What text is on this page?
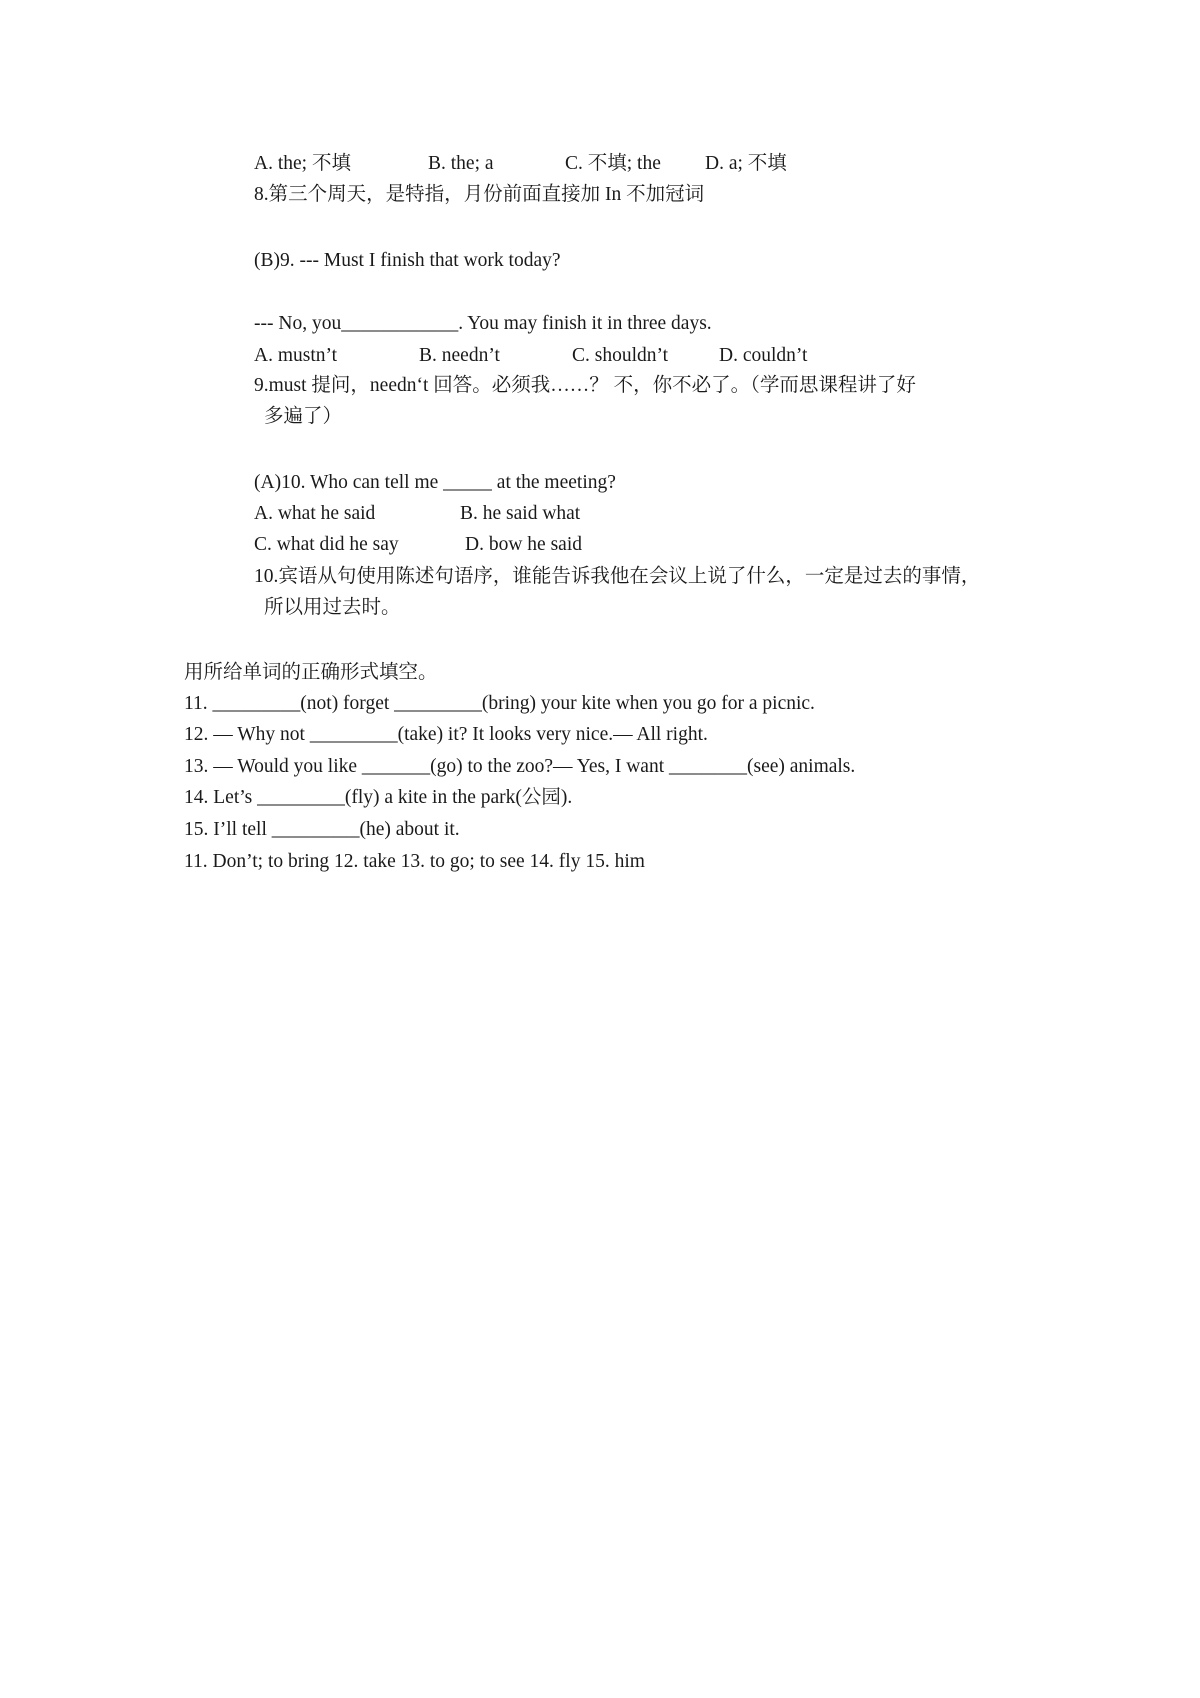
A. the; 不填	B. the; a	C. 不填; the D. a; 不填
8.第三个周天，是特指，月份前面直接加 In 不加冠词
(B)9. --- Must I finish that work today?
--- No, you____________. You may finish it in three days.
A. mustn’t	B. needn’t	C. shouldn’t	D. couldn’t
9.must 提问，needn‘t 回答。必须我……？ 不，你不必了。（学而思课程讲了好
多遍了）
(A)10. Who can tell me _____ at the meeting?
A. what he said	B. he said what
C. what did he say	D. bow he said
10.宾语从句使用陈述句语序，谁能告诉我他在会议上说了什么，一定是过去的事情，
所以用过去时。
用所给单词的正确形式填空。
11. _________(not) forget _________(bring) your kite when you go for a picnic.
12. — Why not _________(take) it? It looks very nice.— All right.
13. — Would you like _______(go) to the zoo?— Yes, I want ________(see) animals.
14. Let’s _________(fly) a kite in the park(公园).
15. I’ll tell _________(he) about it.
11. Don’t; to bring 12. take 13. to go; to see 14. fly 15. him
